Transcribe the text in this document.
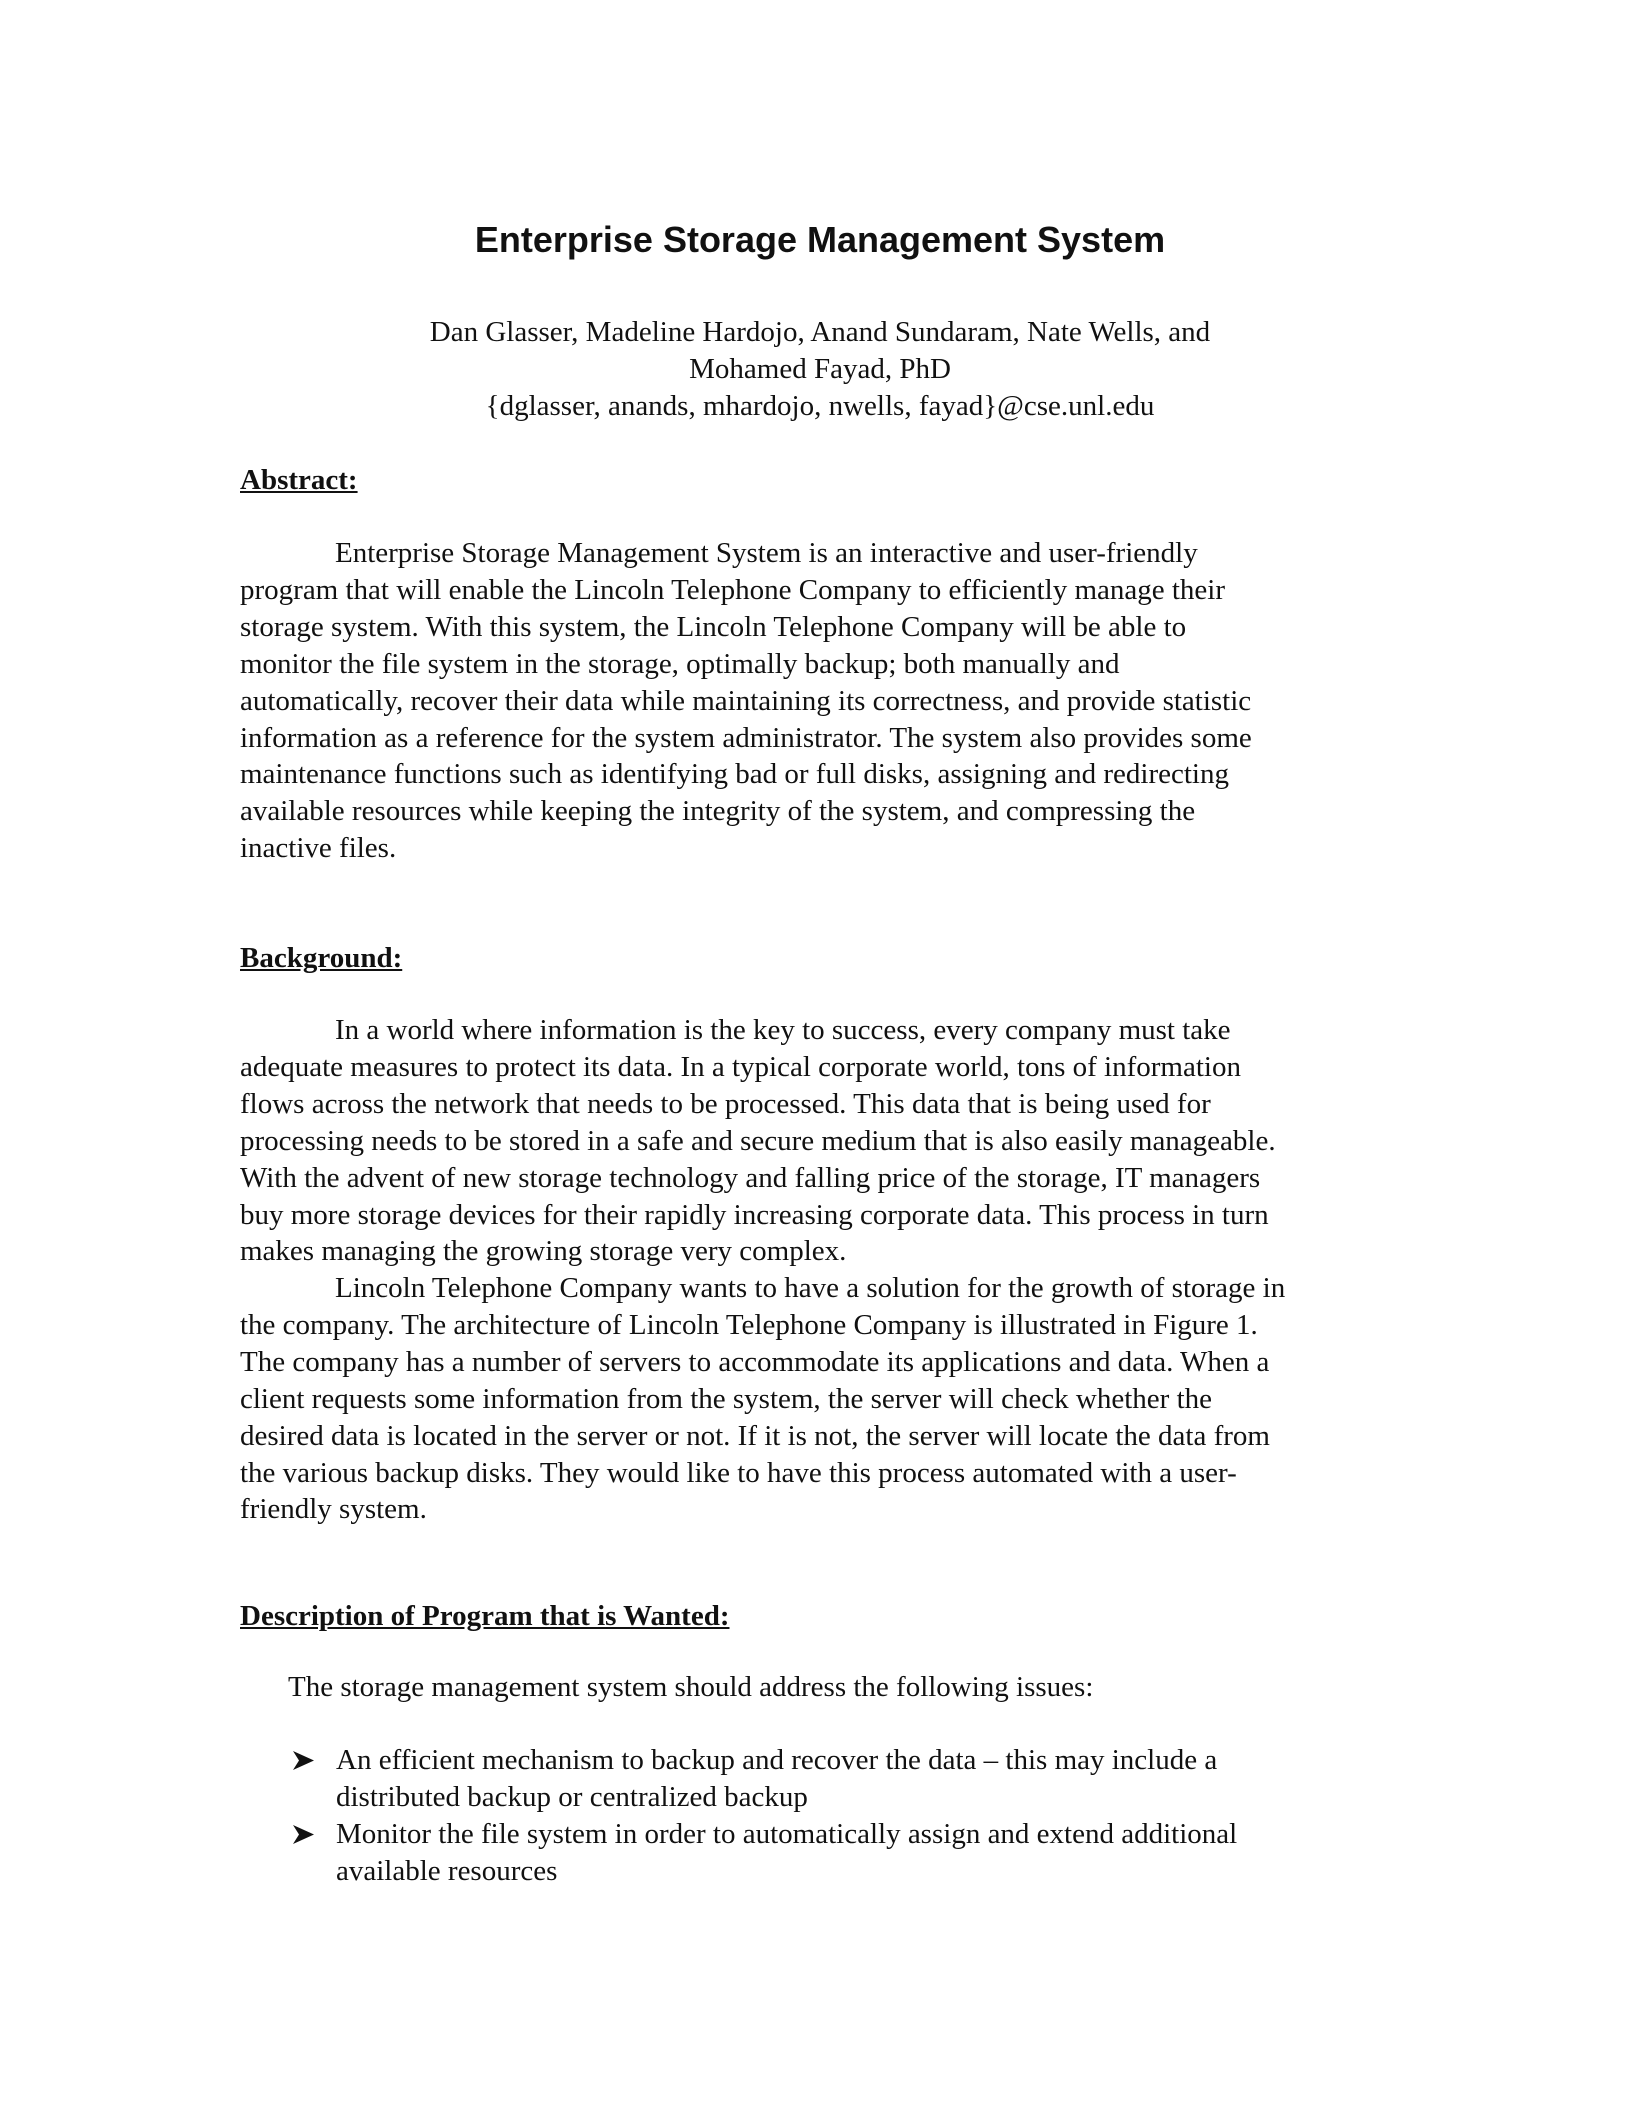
Enterprise Storage Management System
Dan Glasser, Madeline Hardojo, Anand Sundaram, Nate Wells, and
Mohamed Fayad, PhD
{dglasser, anands, mhardojo, nwells, fayad}@cse.unl.edu
Abstract:
Enterprise Storage Management System is an interactive and user-friendly
program that will enable the Lincoln Telephone Company to efficiently manage their
storage system. With this system, the Lincoln Telephone Company will be able to
monitor the file system in the storage, optimally backup; both manually and
automatically, recover their data while maintaining its correctness, and provide statistic
information as a reference for the system administrator. The system also provides some
maintenance functions such as identifying bad or full disks, assigning and redirecting
available resources while keeping the integrity of the system, and compressing the
inactive files.
Background:
In a world where information is the key to success, every company must take
adequate measures to protect its data. In a typical corporate world, tons of information
flows across the network that needs to be processed. This data that is being used for
processing needs to be stored in a safe and secure medium that is also easily manageable.
With the advent of new storage technology and falling price of the storage, IT managers
buy more storage devices for their rapidly increasing corporate data. This process in turn
makes managing the growing storage very complex.
Lincoln Telephone Company wants to have a solution for the growth of storage in
the company. The architecture of Lincoln Telephone Company is illustrated in Figure 1.
The company has a number of servers to accommodate its applications and data. When a
client requests some information from the system, the server will check whether the
desired data is located in the server or not. If it is not, the server will locate the data from
the various backup disks. They would like to have this process automated with a user-
friendly system.
Description of Program that is Wanted:
The storage management system should address the following issues:
An efficient mechanism to backup and recover the data – this may include a
distributed backup or centralized backup
Monitor the file system in order to automatically assign and extend additional
available resources
